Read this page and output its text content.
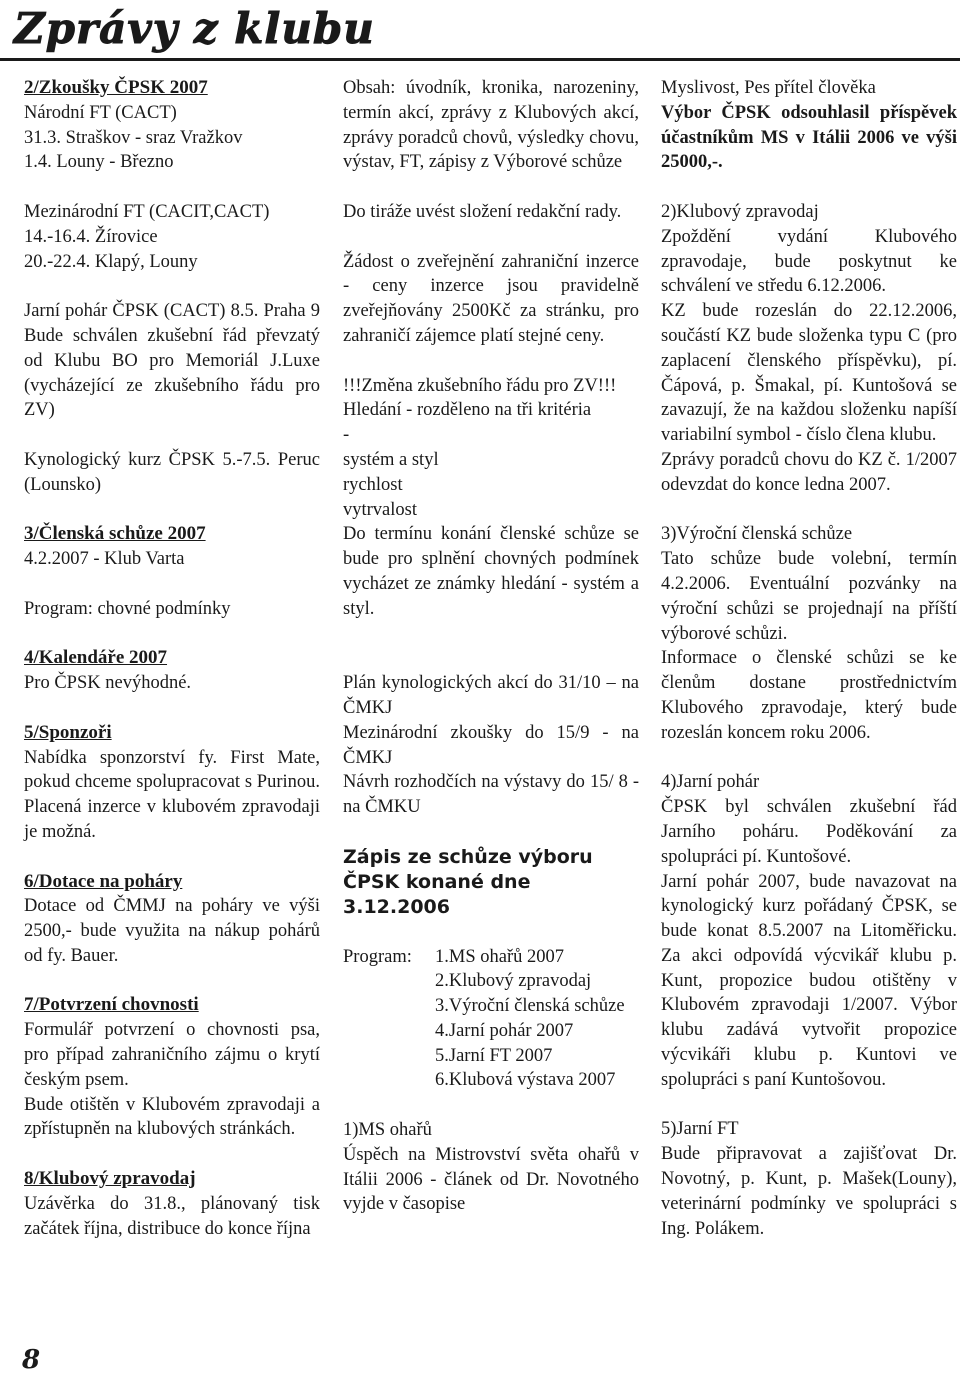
Zprávy z klubu

2/Zkoušky ČPSK 2007

Národní FT (CACT)

31.3. Straškov - sraz Vražkov

1.4. Louny - Březno

Mezinárodní FT (CACIT,CACT)

14.-16.4. Žírovice

20.-22.4. Klapý, Louny

Jarní pohár ČPSK (CACT) 8.5. Praha 9 Bude schválen zkušební řád převzatý od Klubu BO pro Memoriál J.Luxe (vycházející ze zkušebního řádu pro ZV)

Kynologický kurz ČPSK 5.-7.5. Peruc (Lounsko)

3/Členská schůze 2007

4.2.2007 - Klub Varta

Program: chovné podmínky

4/Kalendáře 2007

Pro ČPSK nevýhodné.

5/Sponzoři

Nabídka sponzorství fy. First Mate, pokud chceme spolupracovat s Purinou. Placená inzerce v klubovém zpravodaji je možná.

6/Dotace na poháry

Dotace od ČMMJ na poháry ve výši 2500,- bude využita na nákup pohárů od fy. Bauer.

7/Potvrzení chovnosti

Formulář potvrzení o chovnosti psa, pro případ zahraničního zájmu o krytí českým psem.

Bude otištěn v Klubovém zpravodaji a zpřístupněn na klubových stránkách.

8/Klubový zpravodaj

Uzávěrka do 31.8., plánovaný tisk začátek října, distribuce do konce října

Obsah: úvodník, kronika, narozeniny, termín akcí, zprávy z Klubových akcí, zprávy poradců chovů, výsledky chovu, výstav, FT, zápisy z Výborové schůze

Do tiráže uvést složení redakční rady.

Žádost o zveřejnění zahraniční inzerce - ceny inzerce jsou pravidelně zveřejňovány 2500Kč za stránku, pro zahraničí zájemce platí stejné ceny.

!!!Změna zkušebního řádu pro ZV!!!

Hledání - rozděleno na tři kritéria

-

systém a styl

rychlost

vytrvalost

Do termínu konání členské schůze se bude pro splnění chovných podmínek vycházet ze známky hledání - systém a styl.

Plán kynologických akcí do 31/10 – na ČMKJ

Mezinárodní zkoušky do 15/9 - na ČMKJ

Návrh rozhodčích na výstavy do 15/ 8 - na ČMKU

Zápis ze schůze výboru ČPSK konané dne 3.12.2006

Program:	1.MS ohařů 2007
2.Klubový zpravodaj
3.Výroční členská schůze
4.Jarní pohár 2007
5.Jarní FT 2007
6.Klubová výstava 2007

1)MS ohařů

Úspěch na Mistrovství světa ohařů v Itálii 2006 - článek od Dr. Novotného vyjde v časopise

Myslivost, Pes přítel člověka

Výbor ČPSK odsouhlasil příspěvek účastníkům MS v Itálii 2006 ve výši 25000,-.

2)Klubový zpravodaj

Zpoždění vydání Klubového zpravodaje, bude poskytnut ke schválení ve středu 6.12.2006.

KZ bude rozeslán do 22.12.2006, součástí KZ bude složenka typu C (pro zaplacení členského příspěvku), pí. Čápová, p. Šmakal, pí. Kuntošová se zavazují, že na každou složenku napíší variabilní symbol - číslo člena klubu.

Zprávy poradců chovu do KZ č. 1/2007 odevzdat do konce ledna 2007.

3)Výroční členská schůze

Tato schůze bude volební, termín 4.2.2006. Eventuální pozvánky na výroční schůzi se projednají na příští výborové schůzi.

Informace o členské schůzi se ke členům dostane prostřednictvím Klubového zpravodaje, který bude rozeslán koncem roku 2006.

4)Jarní pohár

ČPSK byl schválen zkušební řád Jarního poháru. Poděkování za spolupráci pí. Kuntošové.

Jarní pohár 2007, bude navazovat na kynologický kurz pořádaný ČPSK, se bude konat 8.5.2007 na Litoměřicku. Za akci odpovídá výcvikář klubu p. Kunt, propozice budou otištěny v Klubovém zpravodaji 1/2007. Výbor klubu zadává vytvořit propozice výcvikáři klubu p. Kuntovi ve spolupráci s paní Kuntošovou.

5)Jarní FT

Bude připravovat a zajišťovat Dr. Novotný, p. Kunt, p. Mašek(Louny), veterinární podmínky ve spolupráci s Ing. Polákem.

8
